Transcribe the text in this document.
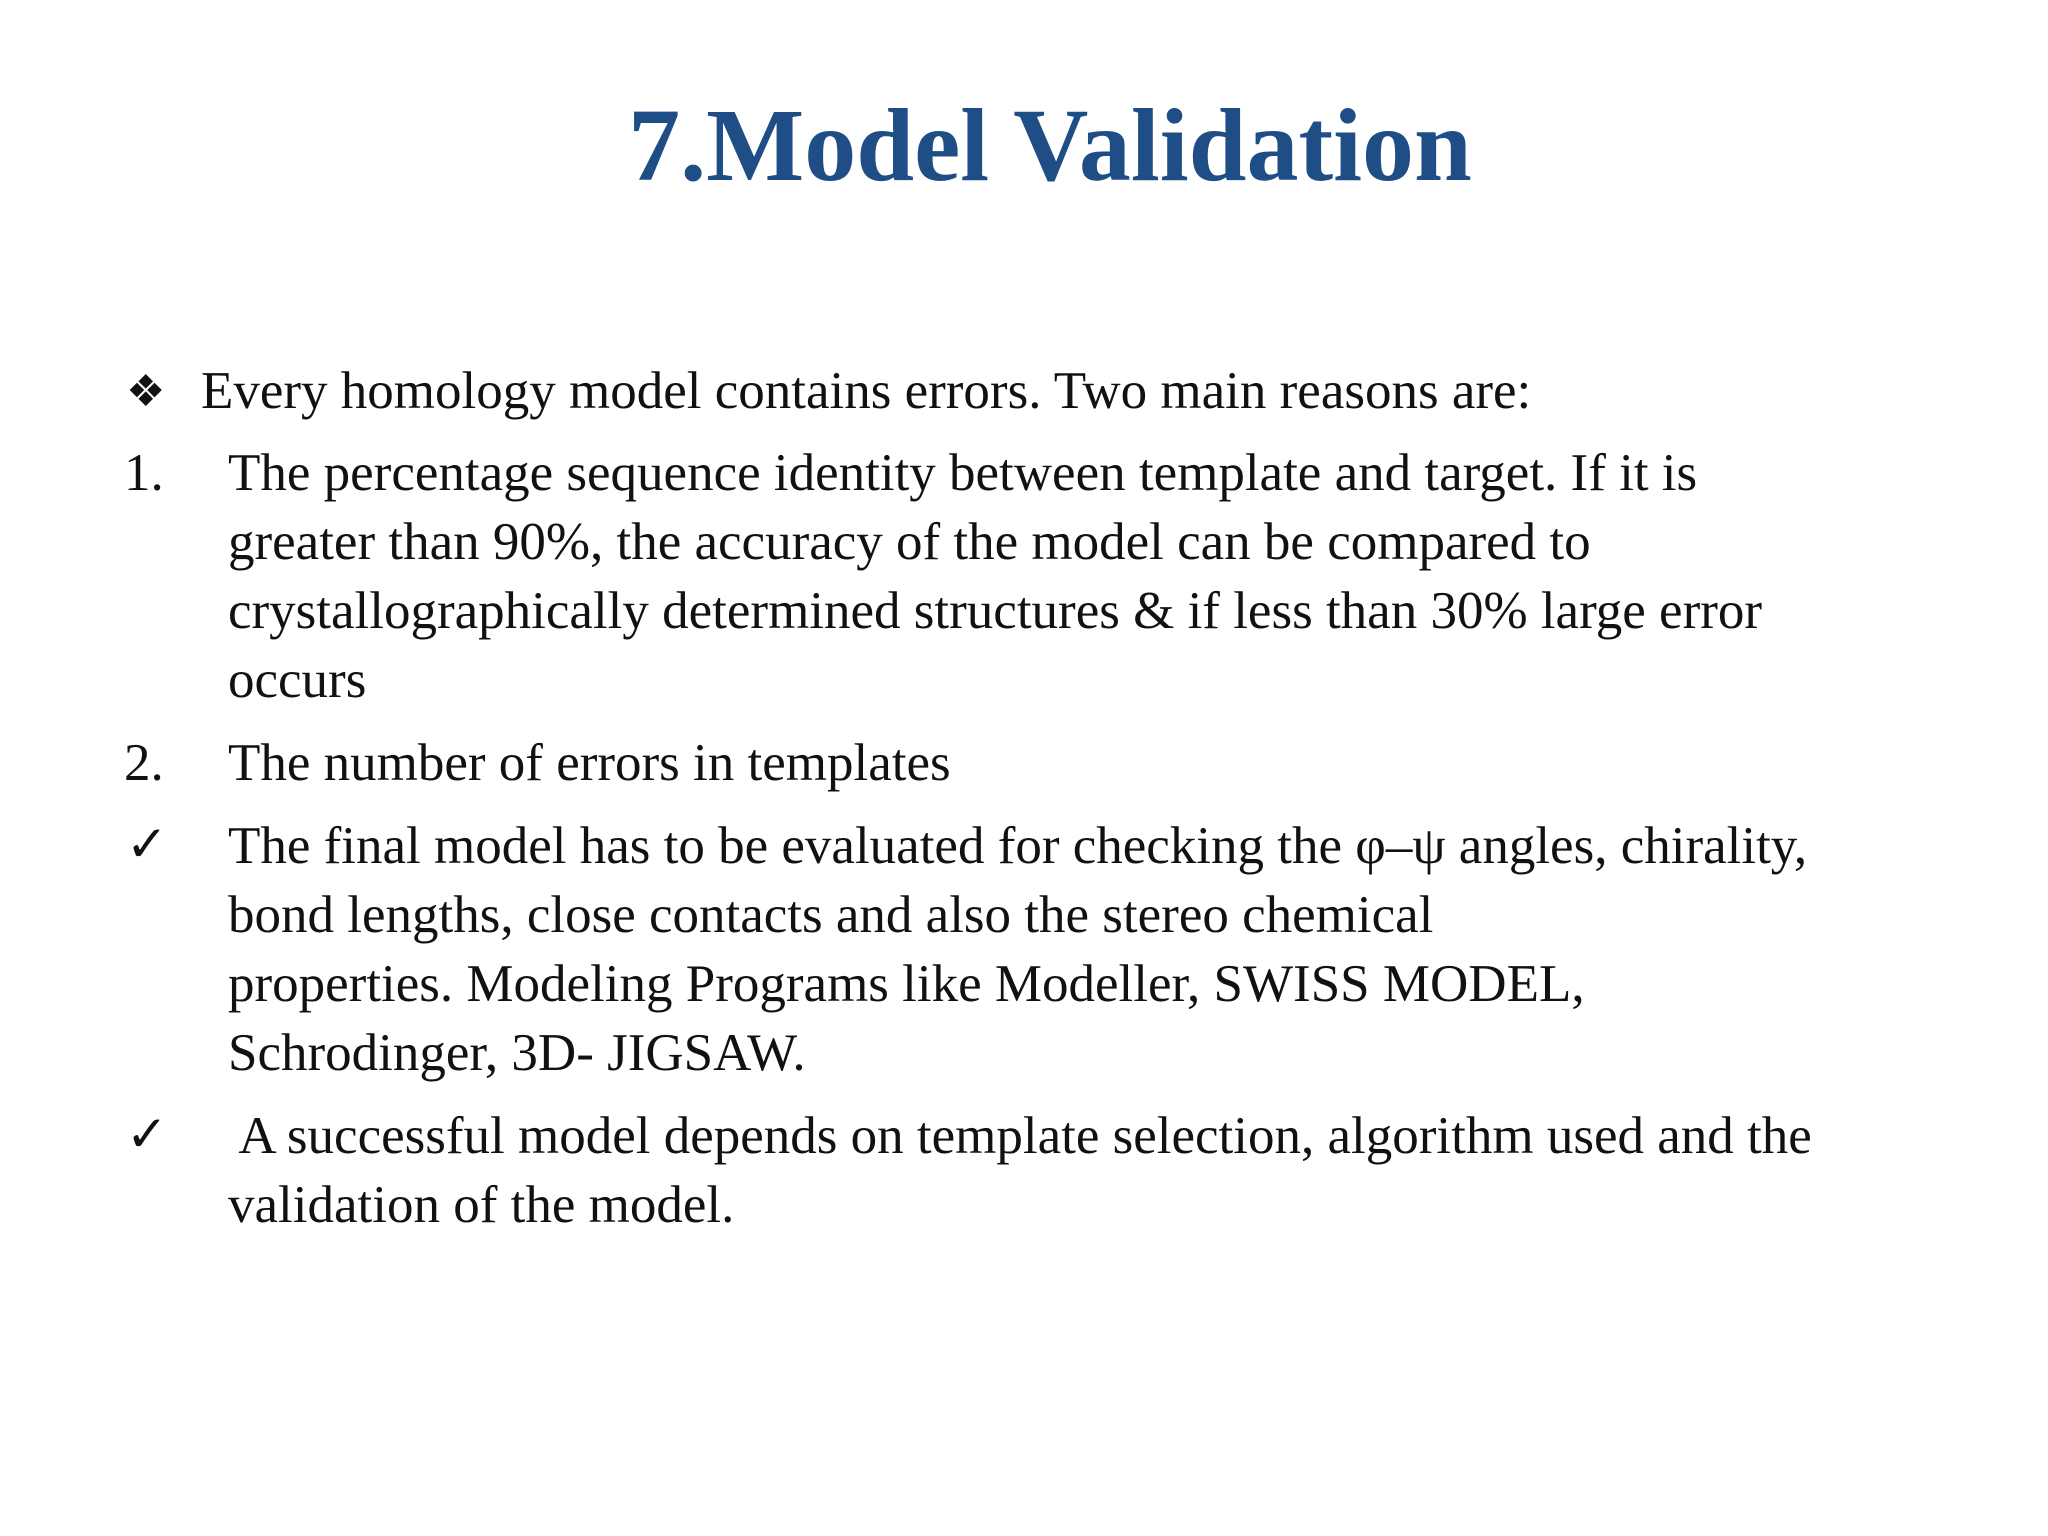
7.Model Validation
❖ Every homology model contains errors. Two main reasons are:
1. The percentage sequence identity between template and target. If it is
greater than 90%, the accuracy of the model can be compared to
crystallographically determined structures & if less than 30% large error
occurs
2. The number of errors in templates
✓ The final model has to be evaluated for checking the φ–ψ angles, chirality,
bond lengths, close contacts and also the stereo chemical
properties. Modeling Programs like Modeller, SWISS MODEL,
Schrodinger, 3D- JIGSAW.
✓ A successful model depends on template selection, algorithm used and the
validation of the model.
